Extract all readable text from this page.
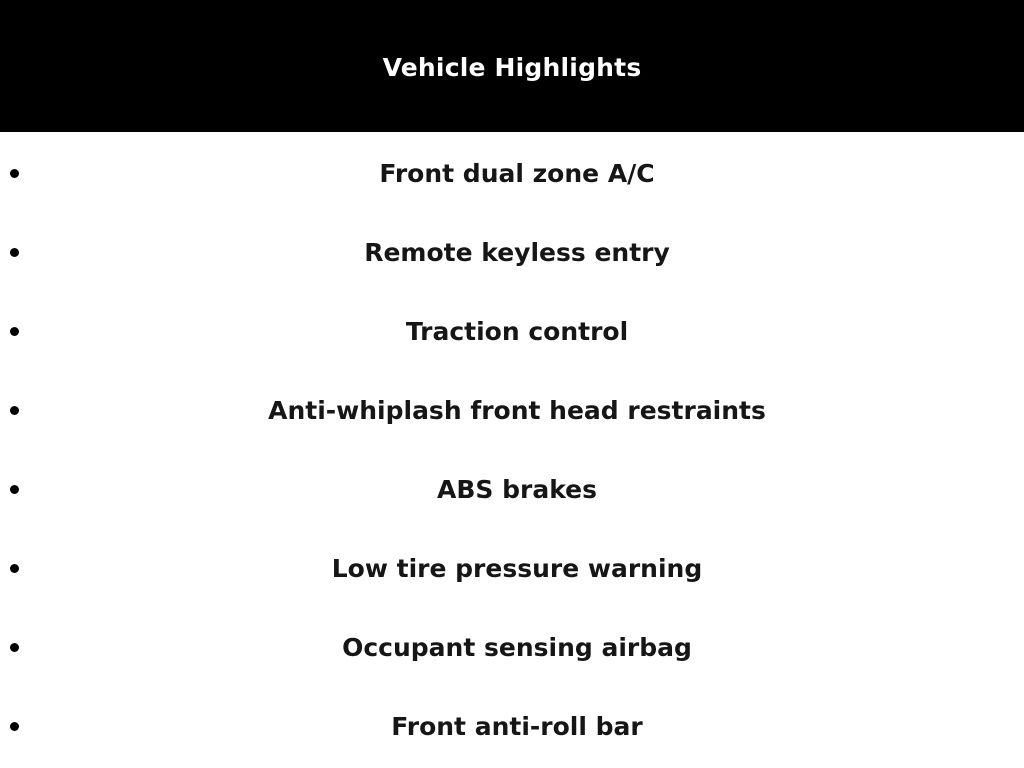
Vehicle Highlights
Front dual zone A/C
Remote keyless entry
Traction control
Anti-whiplash front head restraints
ABS brakes
Low tire pressure warning
Occupant sensing airbag
Front anti-roll bar
